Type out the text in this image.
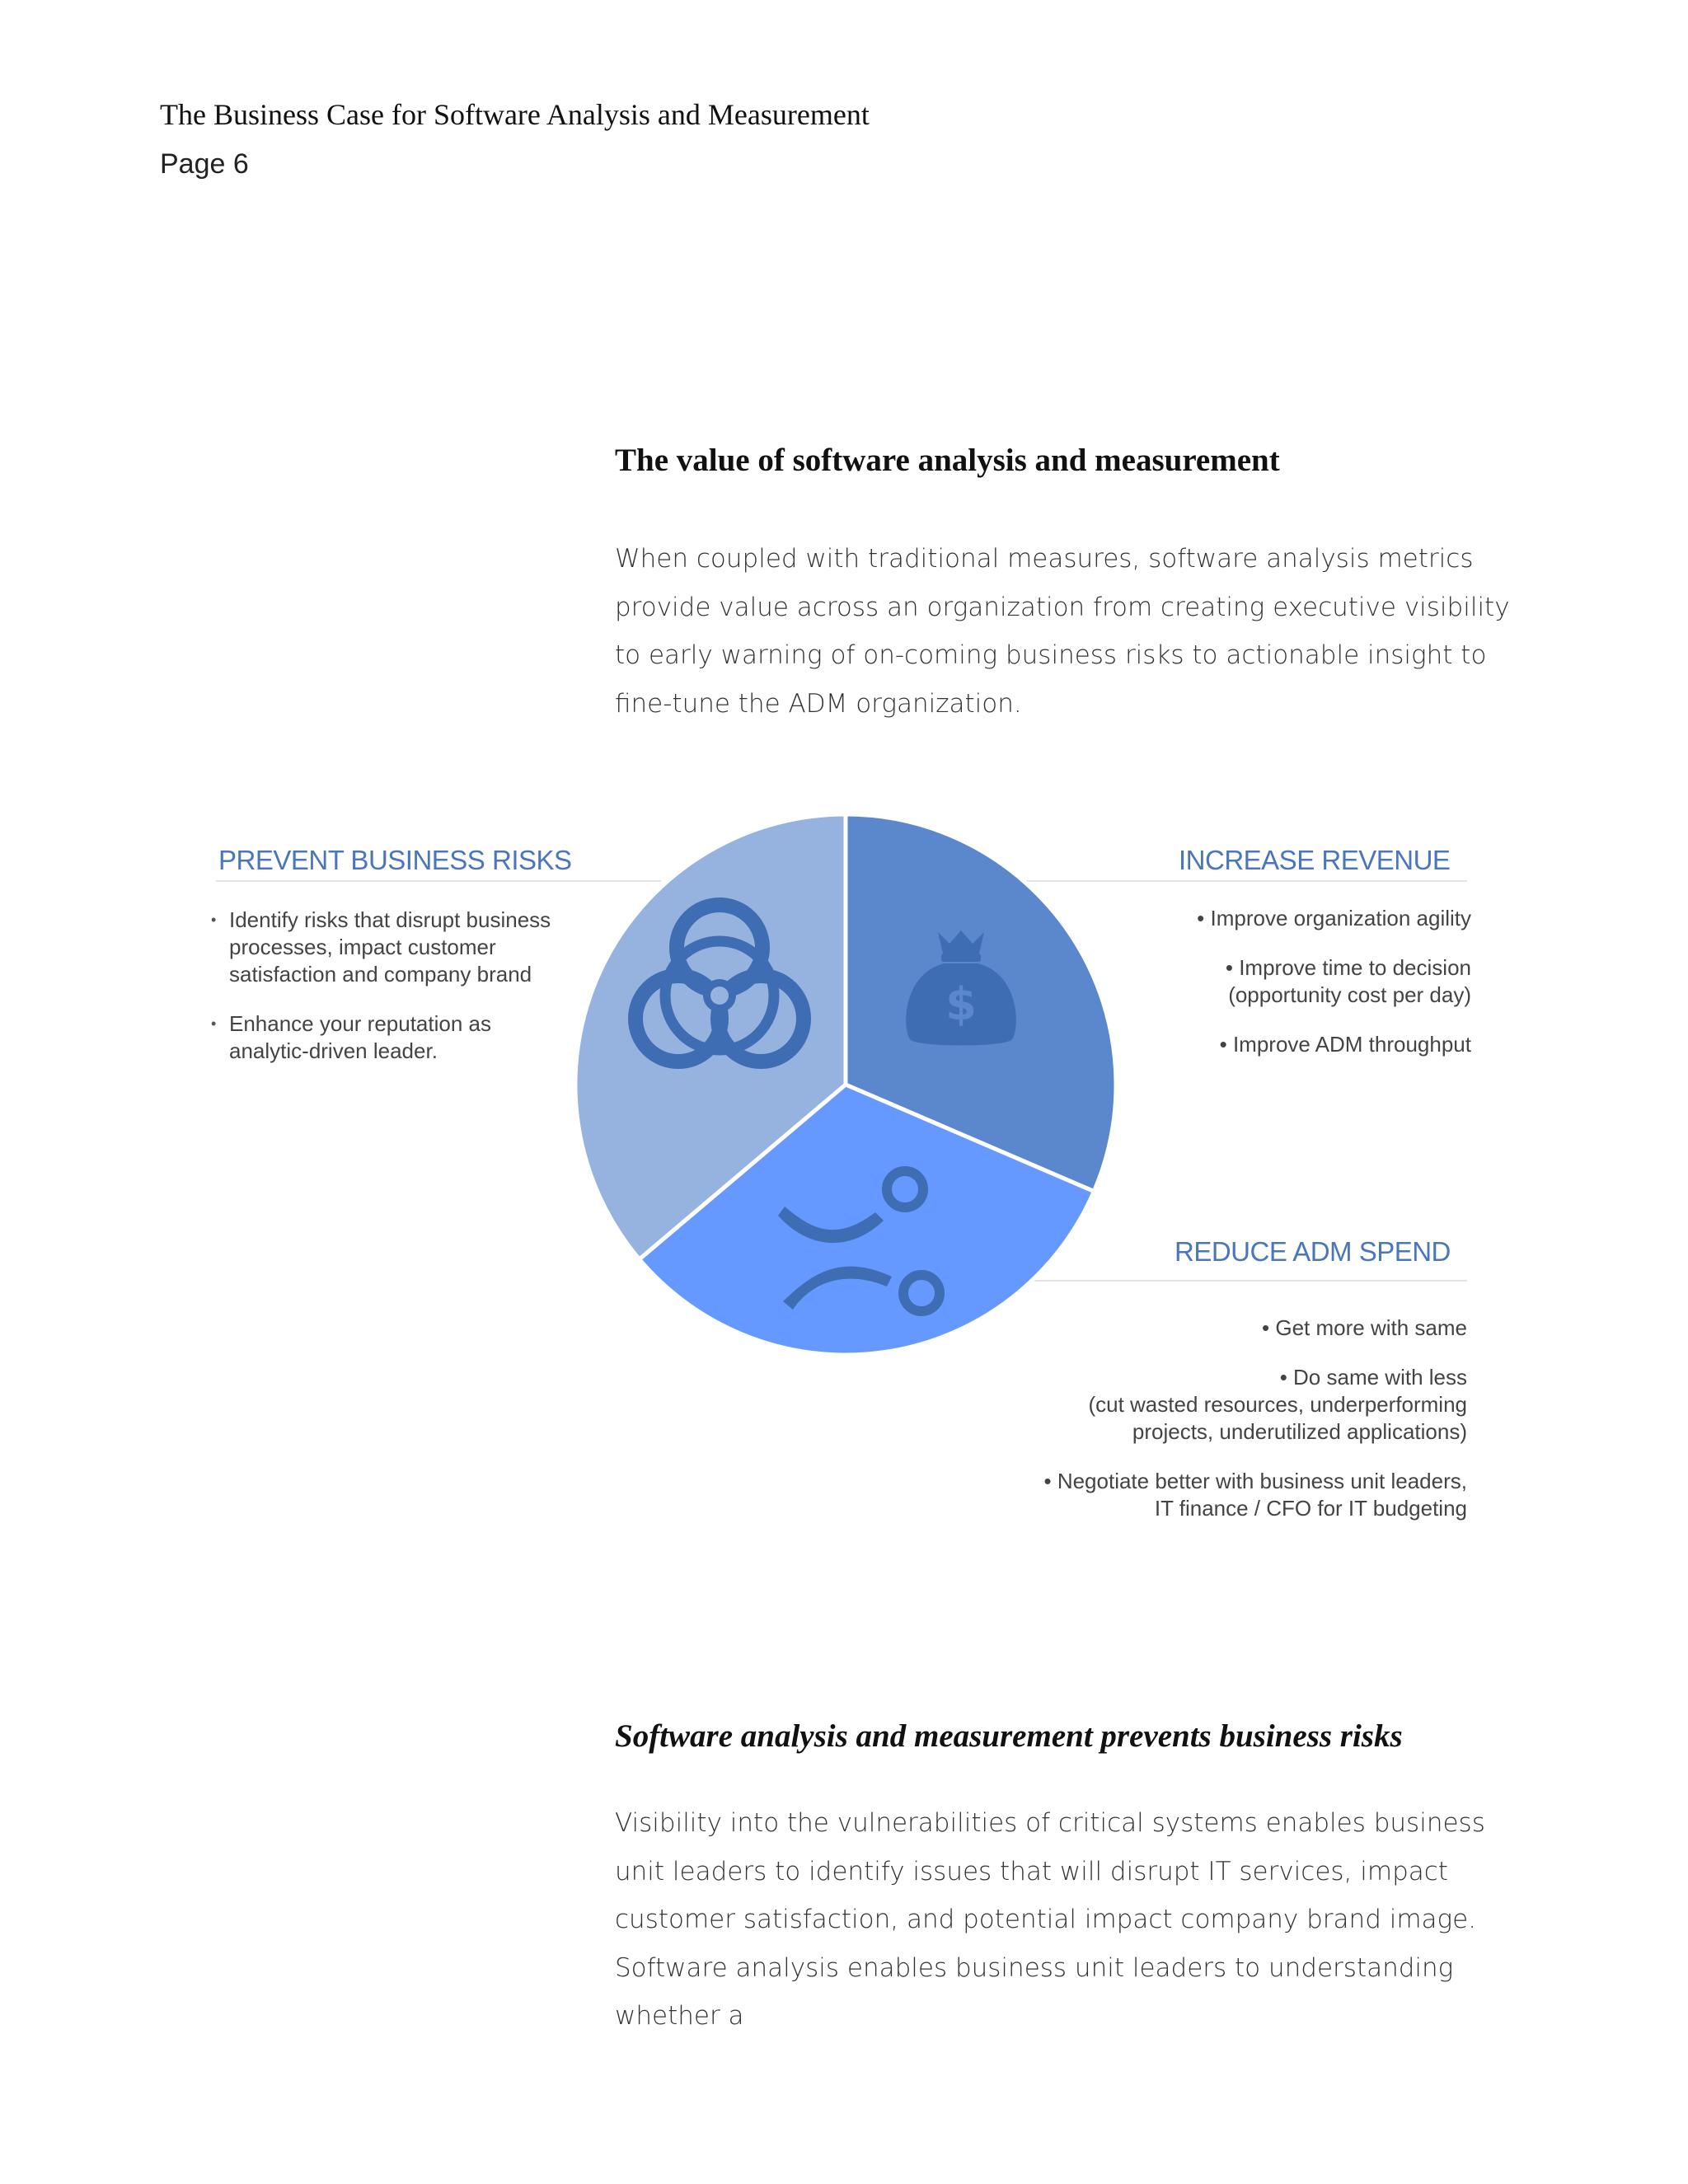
The Business Case for Software Analysis and Measurement
Page 6
The value of software analysis and measurement

When coupled with traditional measures, software analysis metrics provide value across an organization from creating executive visibility to early warning of on-coming business risks to actionable insight to fine-tune the ADM organization.

PREVENT BUSINESS RISKS
• Identify risks that disrupt business processes, impact customer satisfaction and company brand
• Enhance your reputation as analytic-driven leader.
INCREASE REVENUE
• Improve organization agility
• Improve time to decision
(opportunity cost per day)
• Improve ADM throughput
REDUCE ADM SPEND
• Get more with same
• Do same with less
(cut wasted resources, underperforming
projects, underutilized applications)
• Negotiate better with business unit leaders,
IT finance / CFO for IT budgeting
$
Software analysis and measurement prevents business risks

Visibility into the vulnerabilities of critical systems enables business unit leaders to identify issues that will disrupt IT services, impact customer satisfaction, and potential impact company brand image. Software analysis enables business unit leaders to understanding whether a
